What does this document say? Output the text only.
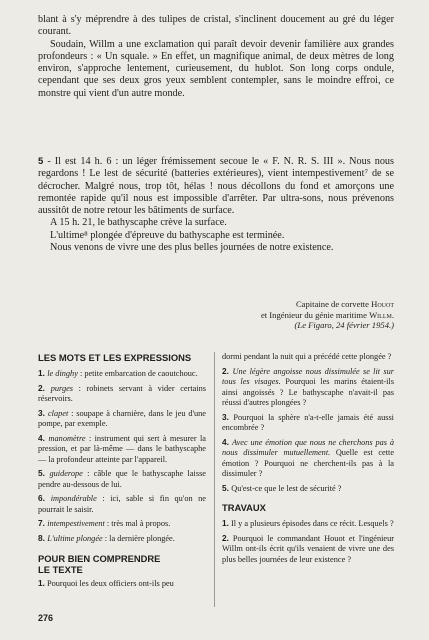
blant à s'y méprendre à des tulipes de cristal, s'inclinent doucement au gré du léger courant.

Soudain, Willm a une exclamation qui paraît devoir devenir familière aux grandes profondeurs : « Un squale. » En effet, un magnifique animal, de deux mètres de long environ, s'approche lentement, curieusement, du hublot. Son long corps ondule, cependant que ses deux gros yeux semblent contempler, sans le moindre effroi, ce monstre qui vient d'un autre monde.

5 - Il est 14 h. 6 : un léger frémissement secoue le « F. N. R. S. III ». Nous nous regardons ! Le lest de sécurité (batteries extérieures), vient intempestivement⁷ de se décrocher. Malgré nous, trop tôt, hélas ! nous décollons du fond et amorçons une remontée rapide qu'il nous est impossible d'arrêter. Par ultra-sons, nous prévenons aussitôt de notre retour les bâtiments de surface.

A 15 h. 21, le bathyscaphe crève la surface.

L'ultime⁸ plongée d'épreuve du bathyscaphe est terminée.

Nous venons de vivre une des plus belles journées de notre existence.

Capitaine de corvette Houot
et Ingénieur du génie maritime Willm.
(Le Figaro, 24 février 1954.)
LES MOTS ET LES EXPRESSIONS
1. le dinghy : petite embarcation de caoutchouc.
2. purges : robinets servant à vider certains réservoirs.
3. clapet : soupape à charnière, dans le jeu d'une pompe, par exemple.
4. manomètre : instrument qui sert à mesurer la pression, et par là-même — dans le bathyscaphe — la profondeur atteinte par l'appareil.
5. guiderope : câble que le bathyscaphe laisse pendre au-dessous de lui.
6. impondérable : ici, sable si fin qu'on ne pourrait le saisir.
7. intempestivement : très mal à propos.
8. L'ultime plongée : la dernière plongée.
POUR BIEN COMPRENDRE
LE TEXTE
1. Pourquoi les deux officiers ont-ils peu
dormi pendant la nuit qui a précédé cette plongée ?
2. Une légère angoisse nous dissimulée se lit sur tous les visages. Pourquoi les marins étaient-ils ainsi angoissés ? Le bathyscaphe n'avait-il pas réussi d'autres plongées ?
3. Pourquoi la sphère n'a-t-elle jamais été aussi encombrée ?
4. Avec une émotion que nous ne cherchons pas à nous dissimuler mutuellement. Quelle est cette émotion ? Pourquoi ne cherchent-ils pas à la dissimuler ?
5. Qu'est-ce que le lest de sécurité ?
TRAVAUX
1. Il y a plusieurs épisodes dans ce récit. Lesquels ?
2. Pourquoi le commandant Houot et l'ingénieur Willm ont-ils écrit qu'ils venaient de vivre une des plus belles journées de leur existence ?
276
